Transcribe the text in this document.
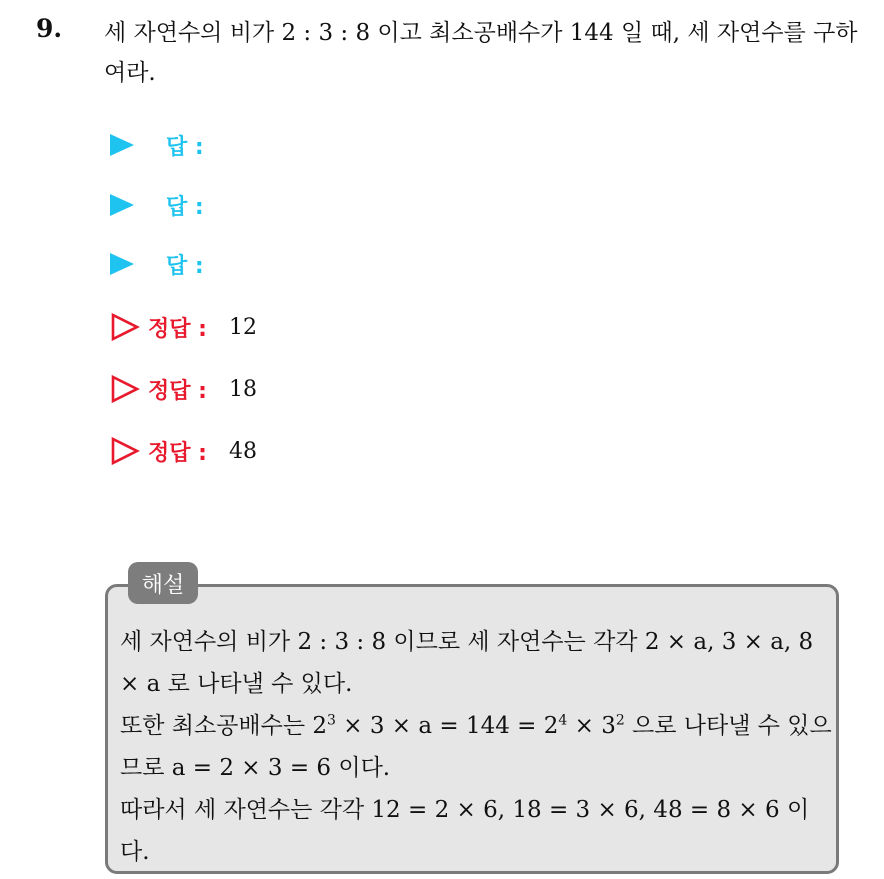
9. 세 자연수의 비가 2 : 3 : 8 이고 최소공배수가 144 일 때, 세 자연수를 구하여라.
답 :
답 :
답 :
정답 : 12
정답 : 18
정답 : 48
해설

세 자연수의 비가 2 : 3 : 8 이므로 세 자연수는 각각 2 × a, 3 × a, 8 × a 로 나타낼 수 있다.

또한 최소공배수는 $2^3 \times 3 \times a = 144 = 2^4 \times 3^2$ 으로 나타낼 수 있으므로 a = 2 × 3 = 6 이다.

따라서 세 자연수는 각각 12 = 2 × 6, 18 = 3 × 6, 48 = 8 × 6 이다.
